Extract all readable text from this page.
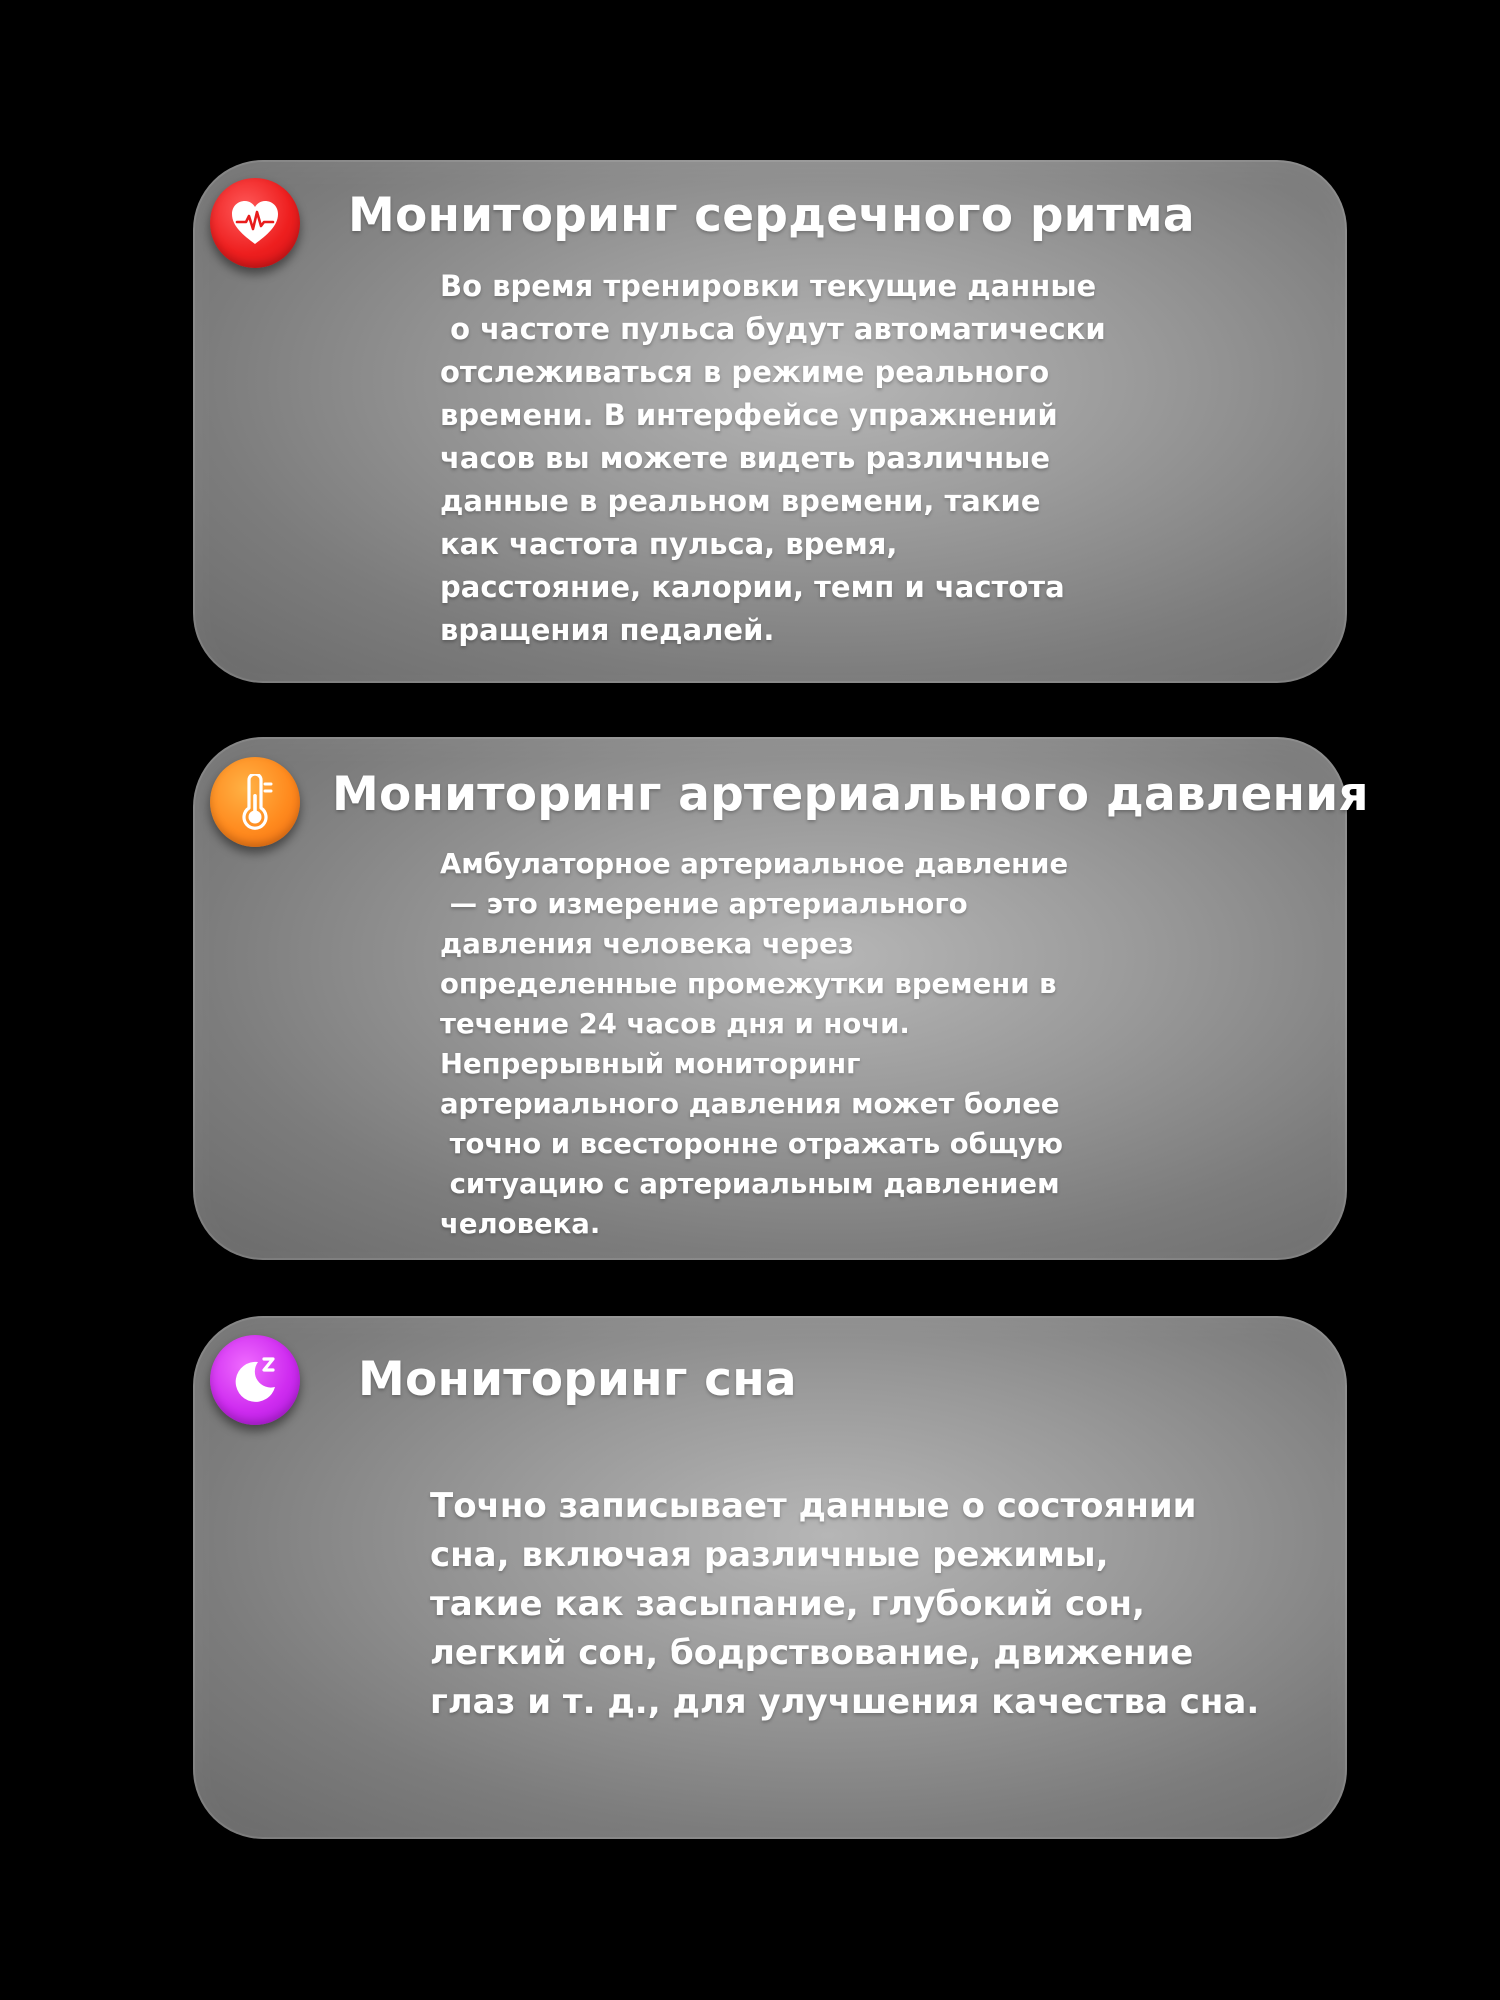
Мониторинг сердечного ритма

Во время тренировки текущие данные
о частоте пульса будут автоматически
отслеживаться в режиме реального
времени. В интерфейсе упражнений
часов вы можете видеть различные
данные в реальном времени, такие
как частота пульса, время,
расстояние, калории, темп и частота
вращения педалей.

Мониторинг артериального давления

Амбулаторное артериальное давление
— это измерение артериального
давления человека через
определенные промежутки времени в
течение 24 часов дня и ночи.
Непрерывный мониторинг
артериального давления может более
точно и всесторонне отражать общую
ситуацию с артериальным давлением
человека.

Мониторинг сна

Точно записывает данные о состоянии
сна, включая различные режимы,
такие как засыпание, глубокий сон,
легкий сон, бодрствование, движение
глаз и т. д., для улучшения качества сна.
